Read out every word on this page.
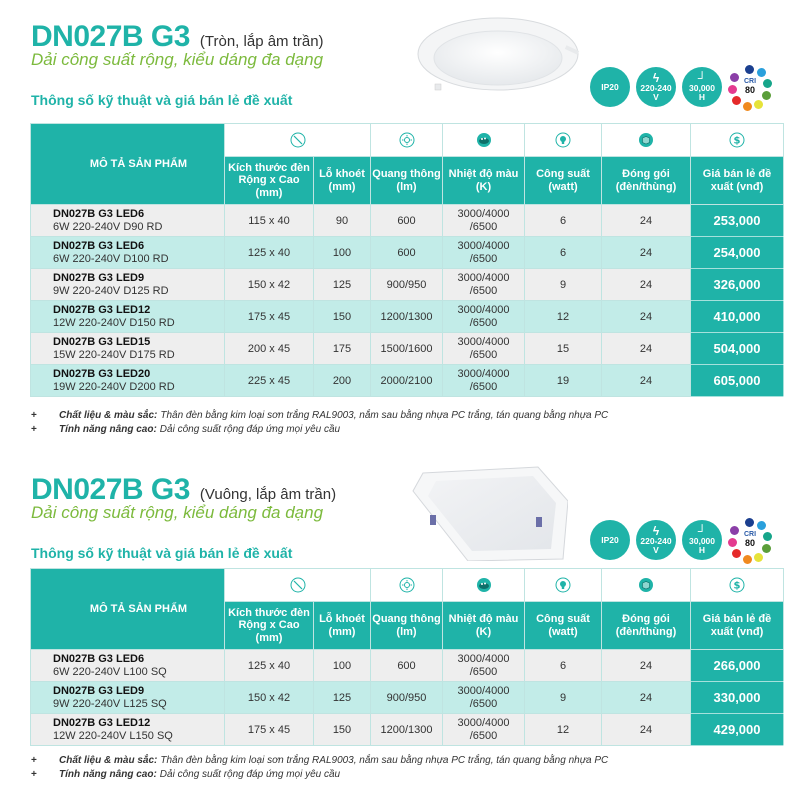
DN027B G3 (Tròn, lắp âm trần)
Dải công suất rộng, kiểu dáng đa dạng
Thông số kỹ thuật và giá bán lẻ đề xuất
IP20
ϟ
220-240
V
┘
30,000
H
CRI
80
MÔ TẢ SẢN PHẨM							$

	Kích thước đèn Rộng x Cao (mm)	Lỗ khoét (mm)	Quang thông (lm)	Nhiệt độ màu (K)	Công suất (watt)	Đóng gói (đèn/thùng)	Giá bán lẻ đề xuất (vnđ)

DN027B G3 LED6
6W 220-240V D90 RD	115 x 40	90	600	3000/4000 /6500	6	24	253,000

DN027B G3 LED6
6W 220-240V D100 RD	125 x 40	100	600	3000/4000 /6500	6	24	254,000

DN027B G3 LED9
9W 220-240V D125 RD	150 x 42	125	900/950	3000/4000 /6500	9	24	326,000

DN027B G3 LED12
12W 220-240V D150 RD	175 x 45	150	1200/1300	3000/4000 /6500	12	24	410,000

DN027B G3 LED15
15W 220-240V D175 RD	200 x 45	175	1500/1600	3000/4000 /6500	15	24	504,000

DN027B G3 LED20
19W 220-240V D200 RD	225 x 45	200	2000/2100	3000/4000 /6500	19	24	605,000
+	Chất liệu & màu sắc: Thân đèn bằng kim loại sơn trắng RAL9003, nắm sau bằng nhựa PC trắng, tán quang bằng nhựa PC
+	Tính năng nâng cao: Dải công suất rộng đáp ứng mọi yêu cầu
DN027B G3 (Vuông, lắp âm trần)
Dải công suất rộng, kiểu dáng đa dạng
Thông số kỹ thuật và giá bán lẻ đề xuất
IP20
ϟ
220-240
V
┘
30,000
H
CRI
80
MÔ TẢ SẢN PHẨM							$

	Kích thước đèn Rộng x Cao (mm)	Lỗ khoét (mm)	Quang thông (lm)	Nhiệt độ màu (K)	Công suất (watt)	Đóng gói (đèn/thùng)	Giá bán lẻ đề xuất (vnđ)

DN027B G3 LED6
6W 220-240V L100 SQ	125 x 40	100	600	3000/4000 /6500	6	24	266,000

DN027B G3 LED9
9W 220-240V L125 SQ	150 x 42	125	900/950	3000/4000 /6500	9	24	330,000

DN027B G3 LED12
12W 220-240V L150 SQ	175 x 45	150	1200/1300	3000/4000 /6500	12	24	429,000
+	Chất liệu & màu sắc: Thân đèn bằng kim loại sơn trắng RAL9003, nắm sau bằng nhựa PC trắng, tán quang bằng nhựa PC
+	Tính năng nâng cao: Dải công suất rộng đáp ứng mọi yêu cầu
